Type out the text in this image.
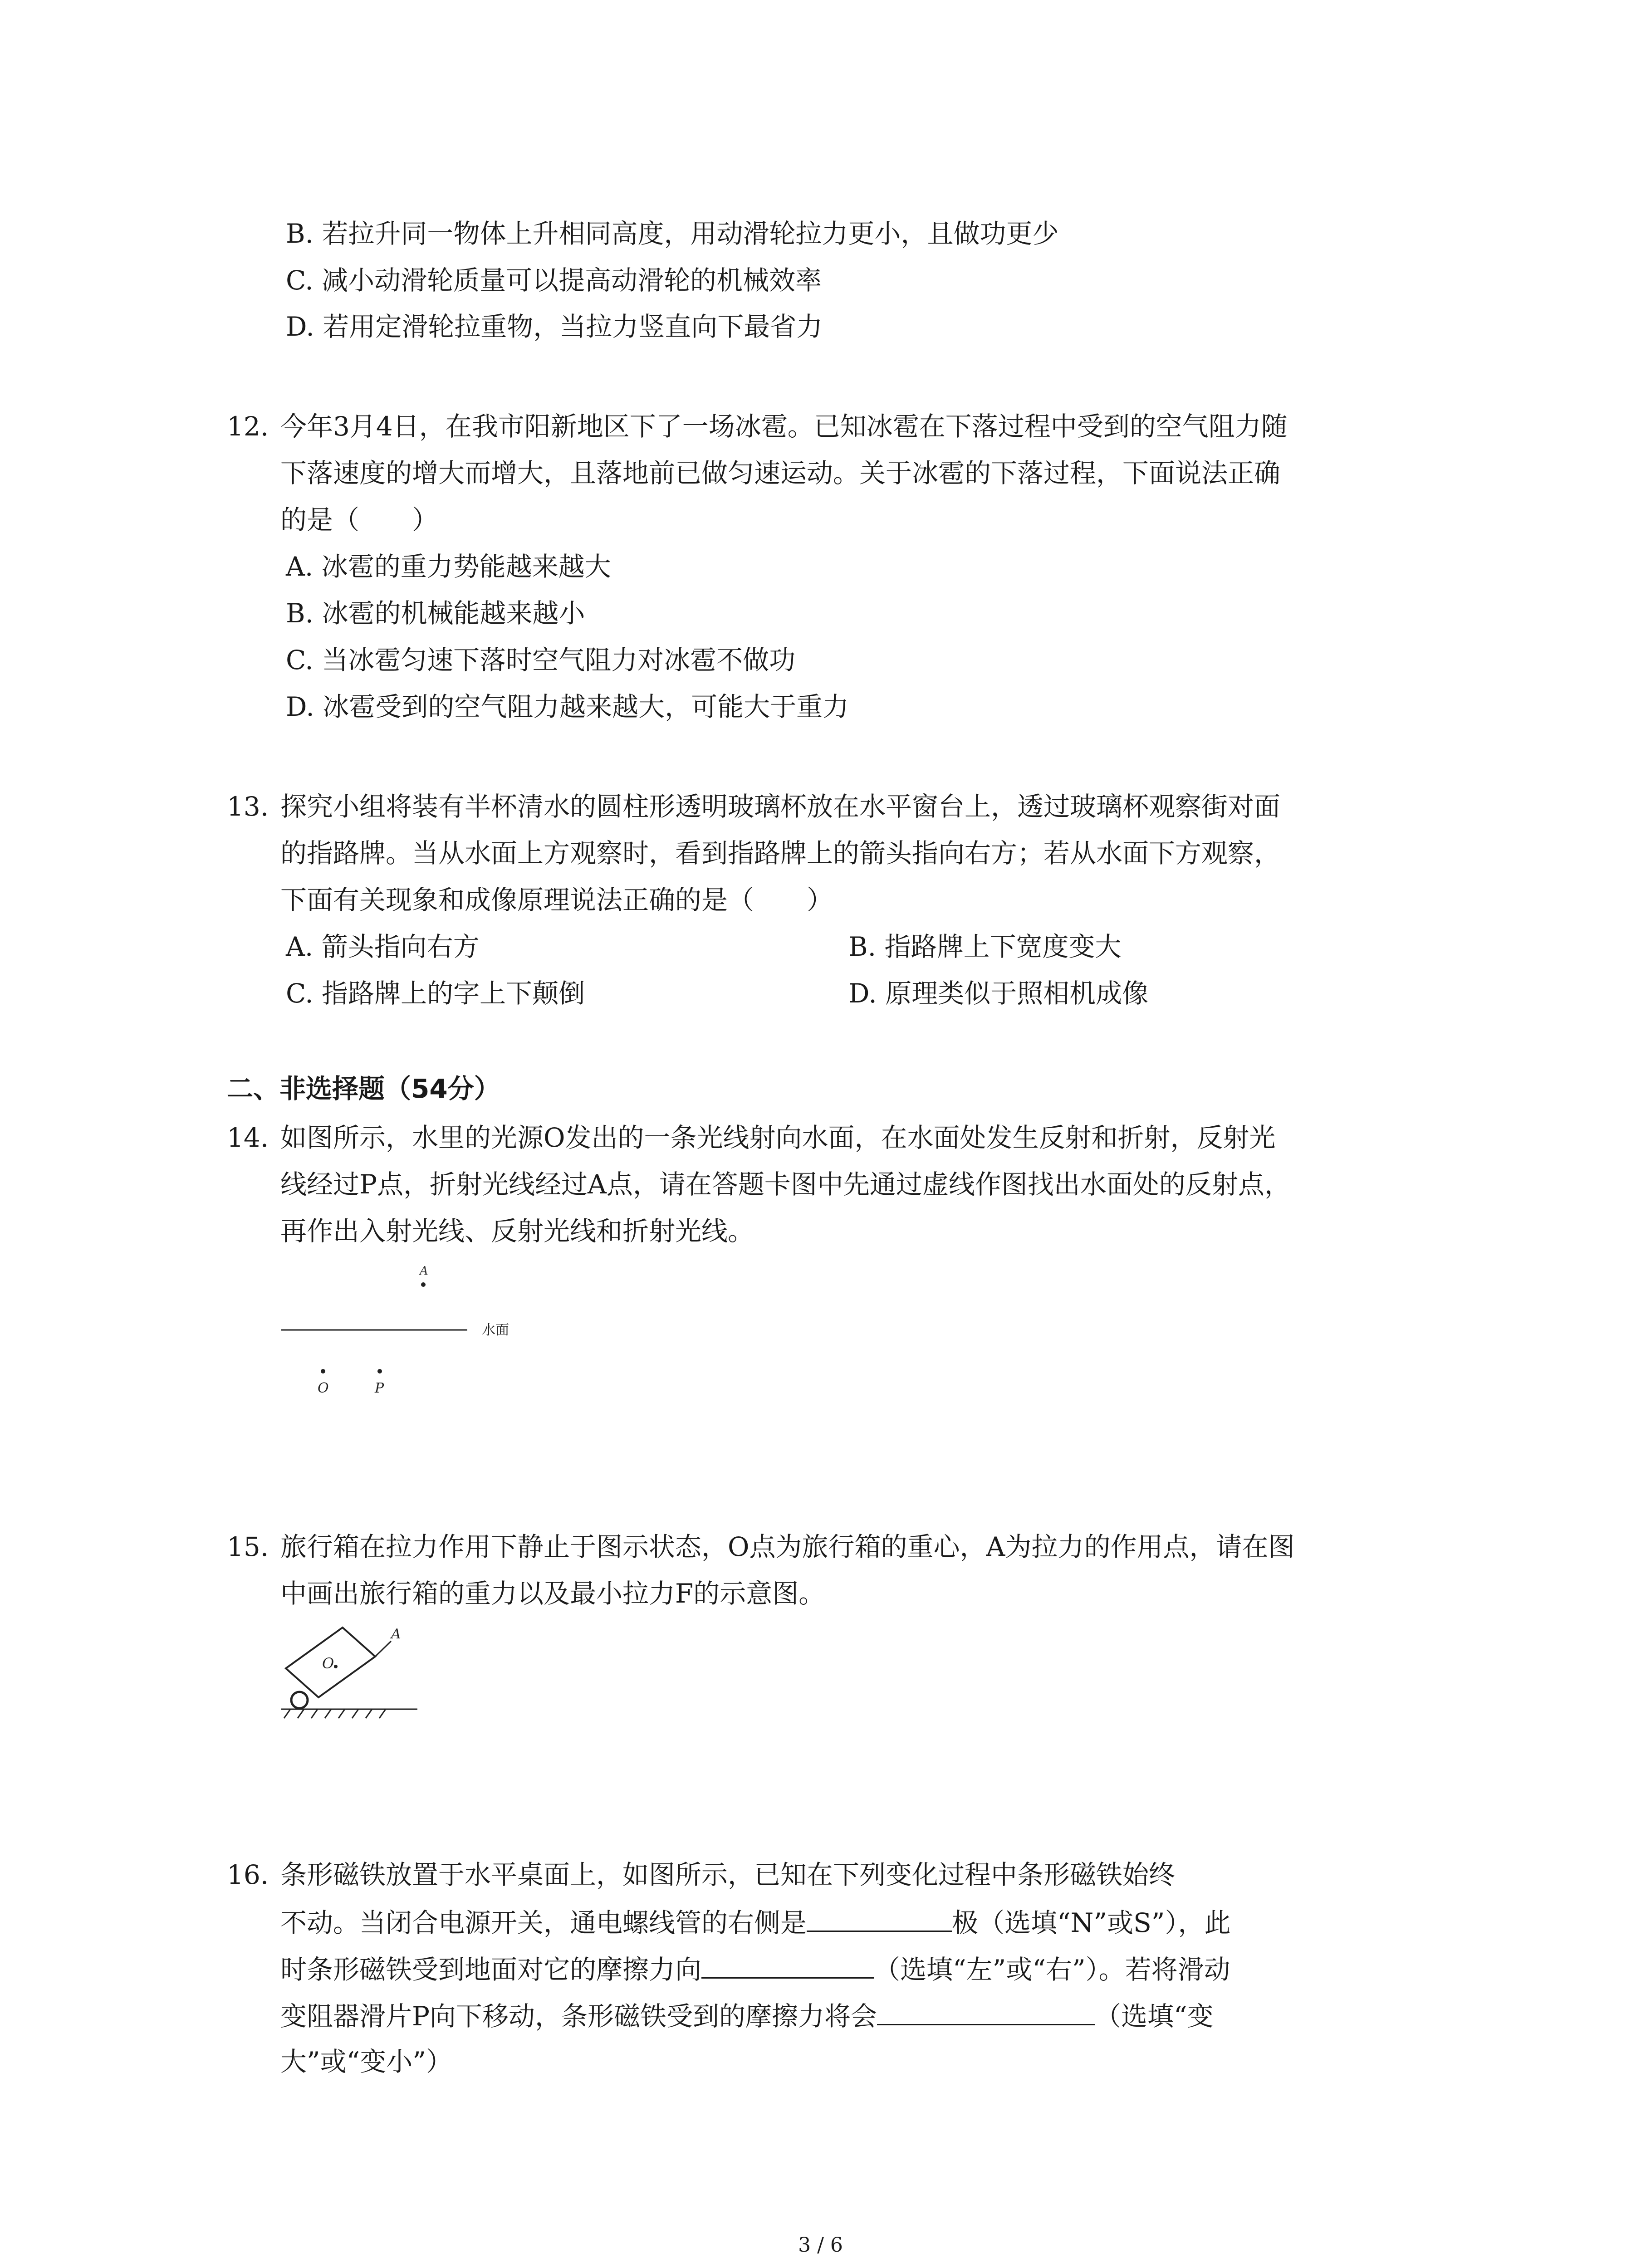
B. 若拉升同一物体上升相同高度，用动滑轮拉力更小，且做功更少
C. 减小动滑轮质量可以提高动滑轮的机械效率
D. 若用定滑轮拉重物，当拉力竖直向下最省力
12. 今年3月4日，在我市阳新地区下了一场冰雹。已知冰雹在下落过程中受到的空气阻力随
下落速度的增大而增大，且落地前已做匀速运动。关于冰雹的下落过程，下面说法正确
的是（　　）
A. 冰雹的重力势能越来越大
B. 冰雹的机械能越来越小
C. 当冰雹匀速下落时空气阻力对冰雹不做功
D. 冰雹受到的空气阻力越来越大，可能大于重力
13. 探究小组将装有半杯清水的圆柱形透明玻璃杯放在水平窗台上，透过玻璃杯观察街对面
的指路牌。当从水面上方观察时，看到指路牌上的箭头指向右方；若从水面下方观察，
下面有关现象和成像原理说法正确的是（　　）
A. 箭头指向右方	B. 指路牌上下宽度变大
C. 指路牌上的字上下颠倒	D. 原理类似于照相机成像
二、非选择题（54分）
14. 如图所示，水里的光源O发出的一条光线射向水面，在水面处发生反射和折射，反射光
线经过P点，折射光线经过A点，请在答题卡图中先通过虚线作图找出水面处的反射点，
再作出入射光线、反射光线和折射光线。
A
水面
O	P
15. 旅行箱在拉力作用下静止于图示状态，O点为旅行箱的重心，A为拉力的作用点，请在图
中画出旅行箱的重力以及最小拉力F的示意图。
A
O
16. 条形磁铁放置于水平桌面上，如图所示，已知在下列变化过程中条形磁铁始终
不动。当闭合电源开关，通电螺线管的右侧是	极（选填“N”或S”），此
时条形磁铁受到地面对它的摩擦力向	（选填“左”或“右”）。若将滑动
变阻器滑片P向下移动，条形磁铁受到的摩擦力将会	（选填“变
大”或“变小”）
3 / 6
